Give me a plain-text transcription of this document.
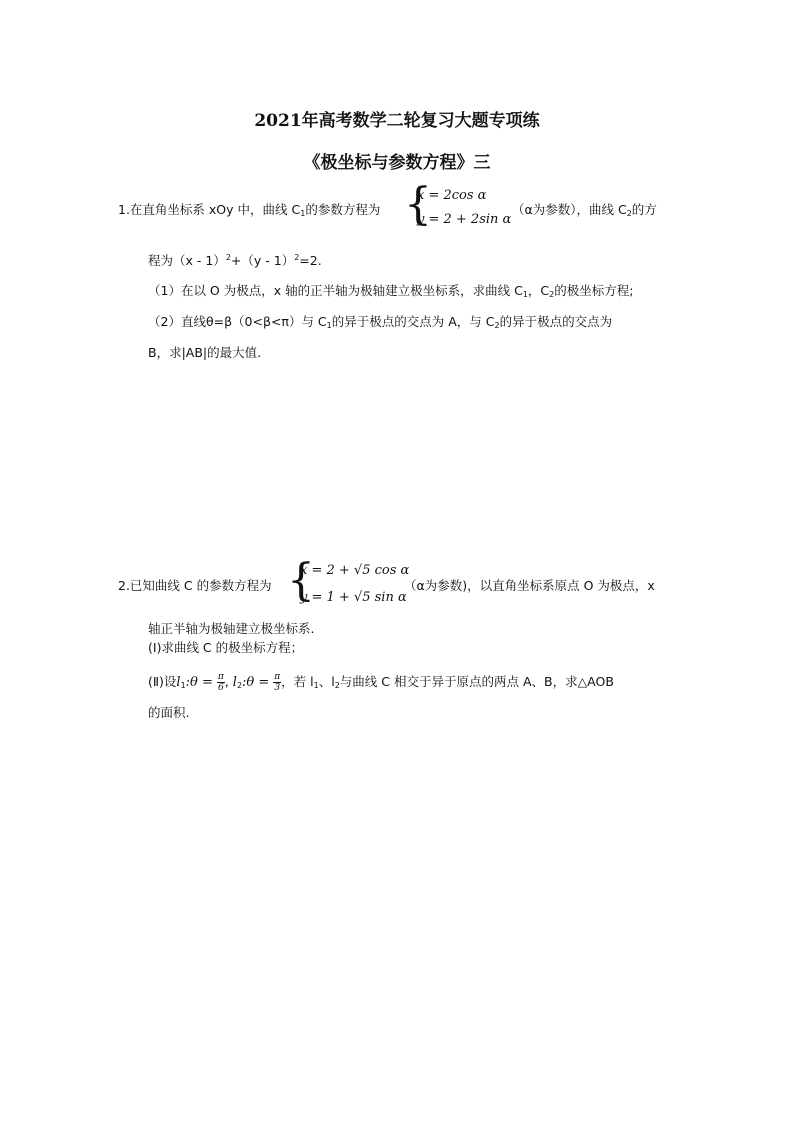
2021年高考数学二轮复习大题专项练
《极坐标与参数方程》三
1.在直角坐标系 xOy 中，曲线 $C_1$的参数方程为 {
x = 2cos α
y = 2 + 2sin α
（α为参数），曲线 $C_2$的方
程为（x - 1）$^2$+（y - 1）$^2$=2.
（1）在以 O 为极点，x 轴的正半轴为极轴建立极坐标系，求曲线 $C_1$，$C_2$的极坐标方程;
（2）直线θ=β（0<β<π）与 $C_1$的异于极点的交点为 A，与 $C_2$的异于极点的交点为
B，求|AB|的最大值.
2.已知曲线 C 的参数方程为 {
x = 2 + √5 cos α
y = 1 + √5 sin α
（α为参数)，以直角坐标系原点 O 为极点，x
轴正半轴为极轴建立极坐标系.
(Ⅰ)求曲线 C 的极坐标方程；
(Ⅱ)设$l_1:\theta = \frac{\pi}{6}$ , $l_2:\theta = \frac{\pi}{3}$ ，若 $l_1$、$l_2$与曲线 C 相交于异于原点的两点 A、B，求△AOB
的面积.
